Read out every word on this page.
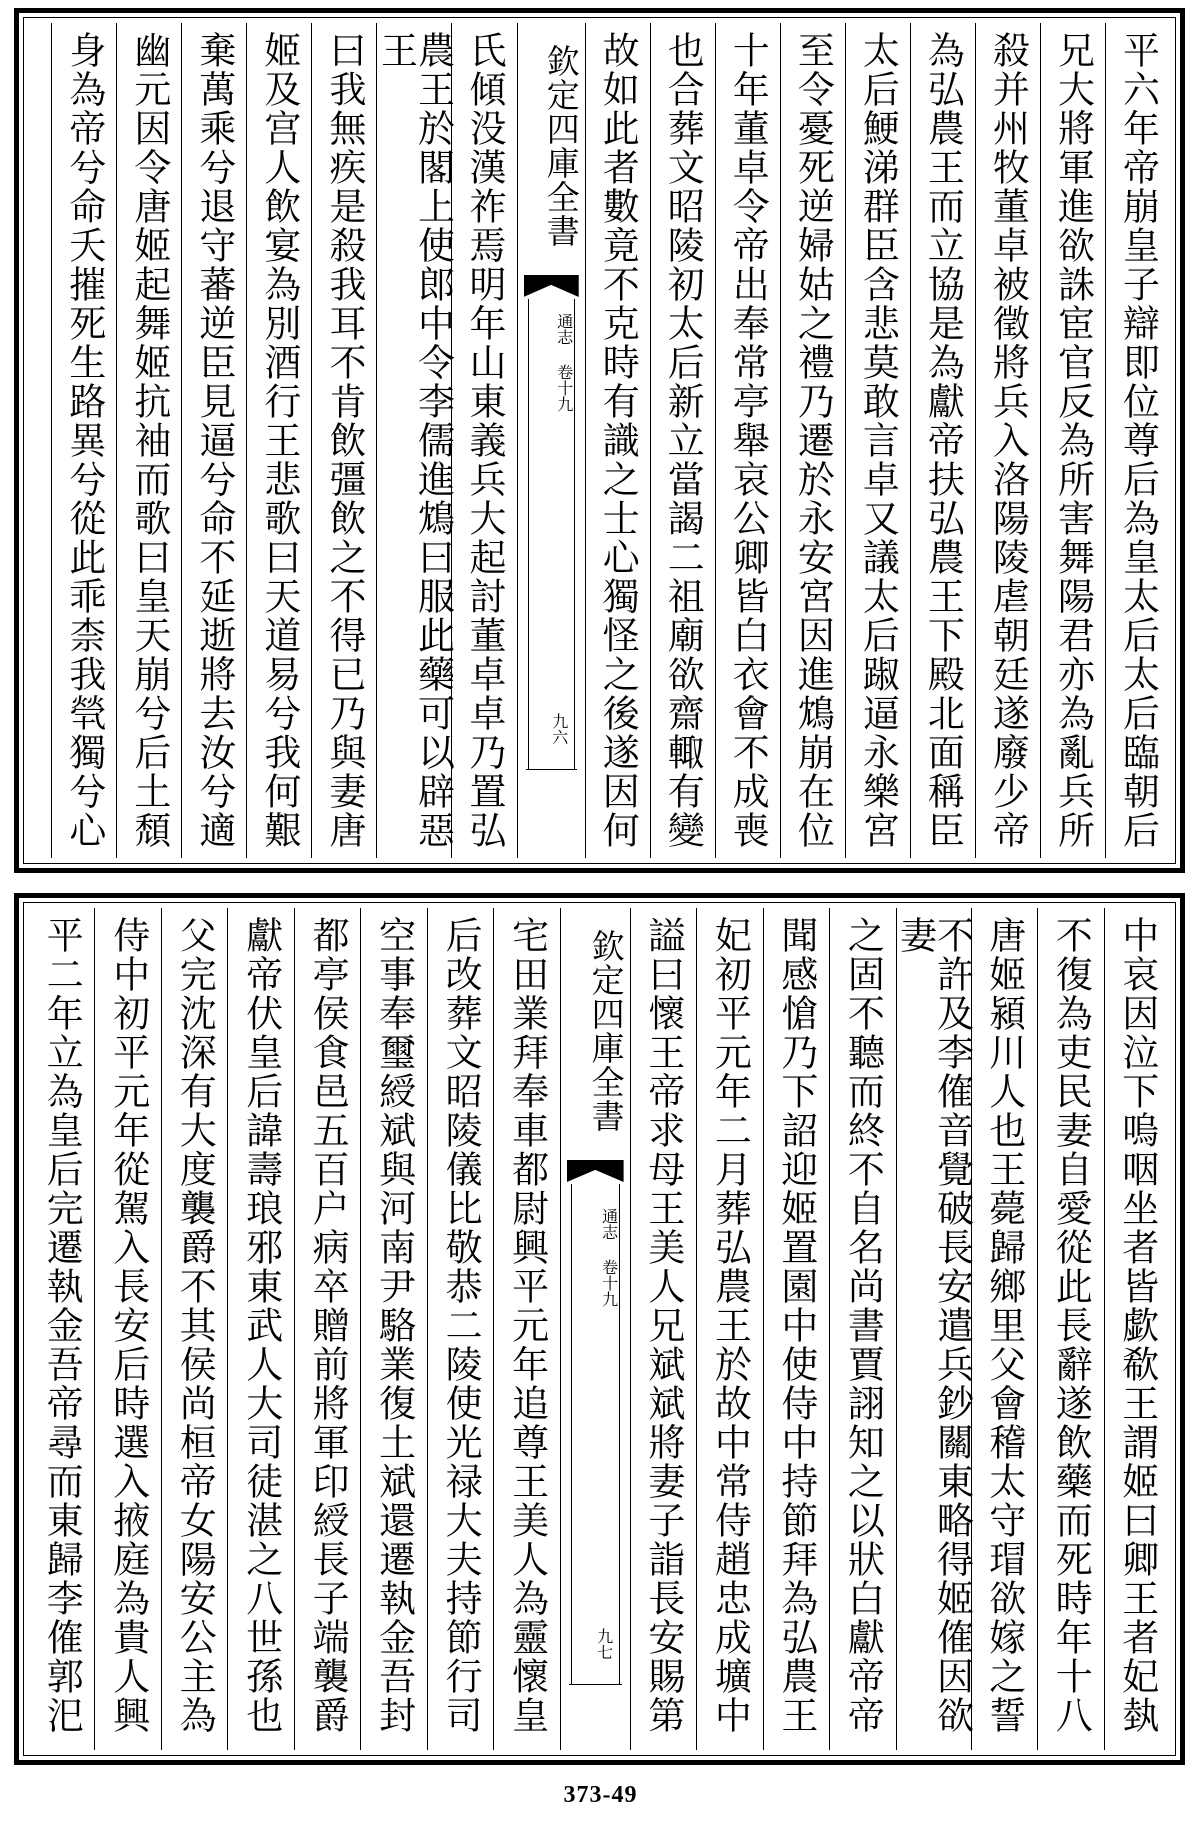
平六年帝崩皇子辯即位尊后為皇太后太后臨朝后
兄大將軍進欲誅宦官反為所害舞陽君亦為亂兵所
殺并州牧董卓被徵將兵入洛陽陵虐朝廷遂廢少帝
為弘農王而立協是為獻帝扶弘農王下殿北面稱臣
太后鯁涕群臣含悲莫敢言卓又議太后踧逼永樂宮
至令憂死逆婦姑之禮乃遷於永安宮因進鴆崩在位
十年董卓令帝出奉常亭舉哀公卿皆白衣會不成喪
也合葬文昭陵初太后新立當謁二祖廟欲齋輙有變
故如此者數竟不克時有識之士心獨怪之後遂因何
欽定四庫全書
通志 卷十九
九六
氏傾没漢祚焉明年山東義兵大起討董卓卓乃置弘
農王於閣上使郎中令李儒進鴆曰服此藥可以辟惡王
曰我無疾是殺我耳不肯飲彊飲之不得已乃與妻唐
姬及宫人飲宴為別酒行王悲歌曰天道易兮我何艱
棄萬乘兮退守蕃逆臣見逼兮命不延逝將去汝兮適
幽元因令唐姬起舞姬抗袖而歌曰皇天崩兮后土頹
身為帝兮命夭摧死生路異兮從此乖柰我煢獨兮心
中哀因泣下嗚咽坐者皆歔欷王謂姬曰卿王者妃埶
不復為吏民妻自愛從此長辭遂飲藥而死時年十八
唐姬潁川人也王薨歸鄉里父會稽太守瑁欲嫁之誓
不許及李傕音覺破長安遣兵鈔關東略得姬傕因欲妻
之固不聽而終不自名尚書賈詡知之以狀白獻帝帝
聞感愴乃下詔迎姬置園中使侍中持節拜為弘農王
妃初平元年二月葬弘農王於故中常侍趙忠成壙中
謚曰懷王帝求母王美人兄斌斌將妻子詣長安賜第
欽定四庫全書
通志 卷十九
九七
宅田業拜奉車都尉興平元年追尊王美人為靈懷皇
后改葬文昭陵儀比敬恭二陵使光禄大夫持節行司
空事奉璽綬斌與河南尹駱業復土斌還遷執金吾封
都亭侯食邑五百户病卒贈前將軍印綬長子端襲爵
獻帝伏皇后諱壽琅邪東武人大司徒湛之八世孫也
父完沈深有大度襲爵不其侯尚桓帝女陽安公主為
侍中初平元年從駕入長安后時選入掖庭為貴人興
平二年立為皇后完遷執金吾帝尋而東歸李傕郭汜
373-49
